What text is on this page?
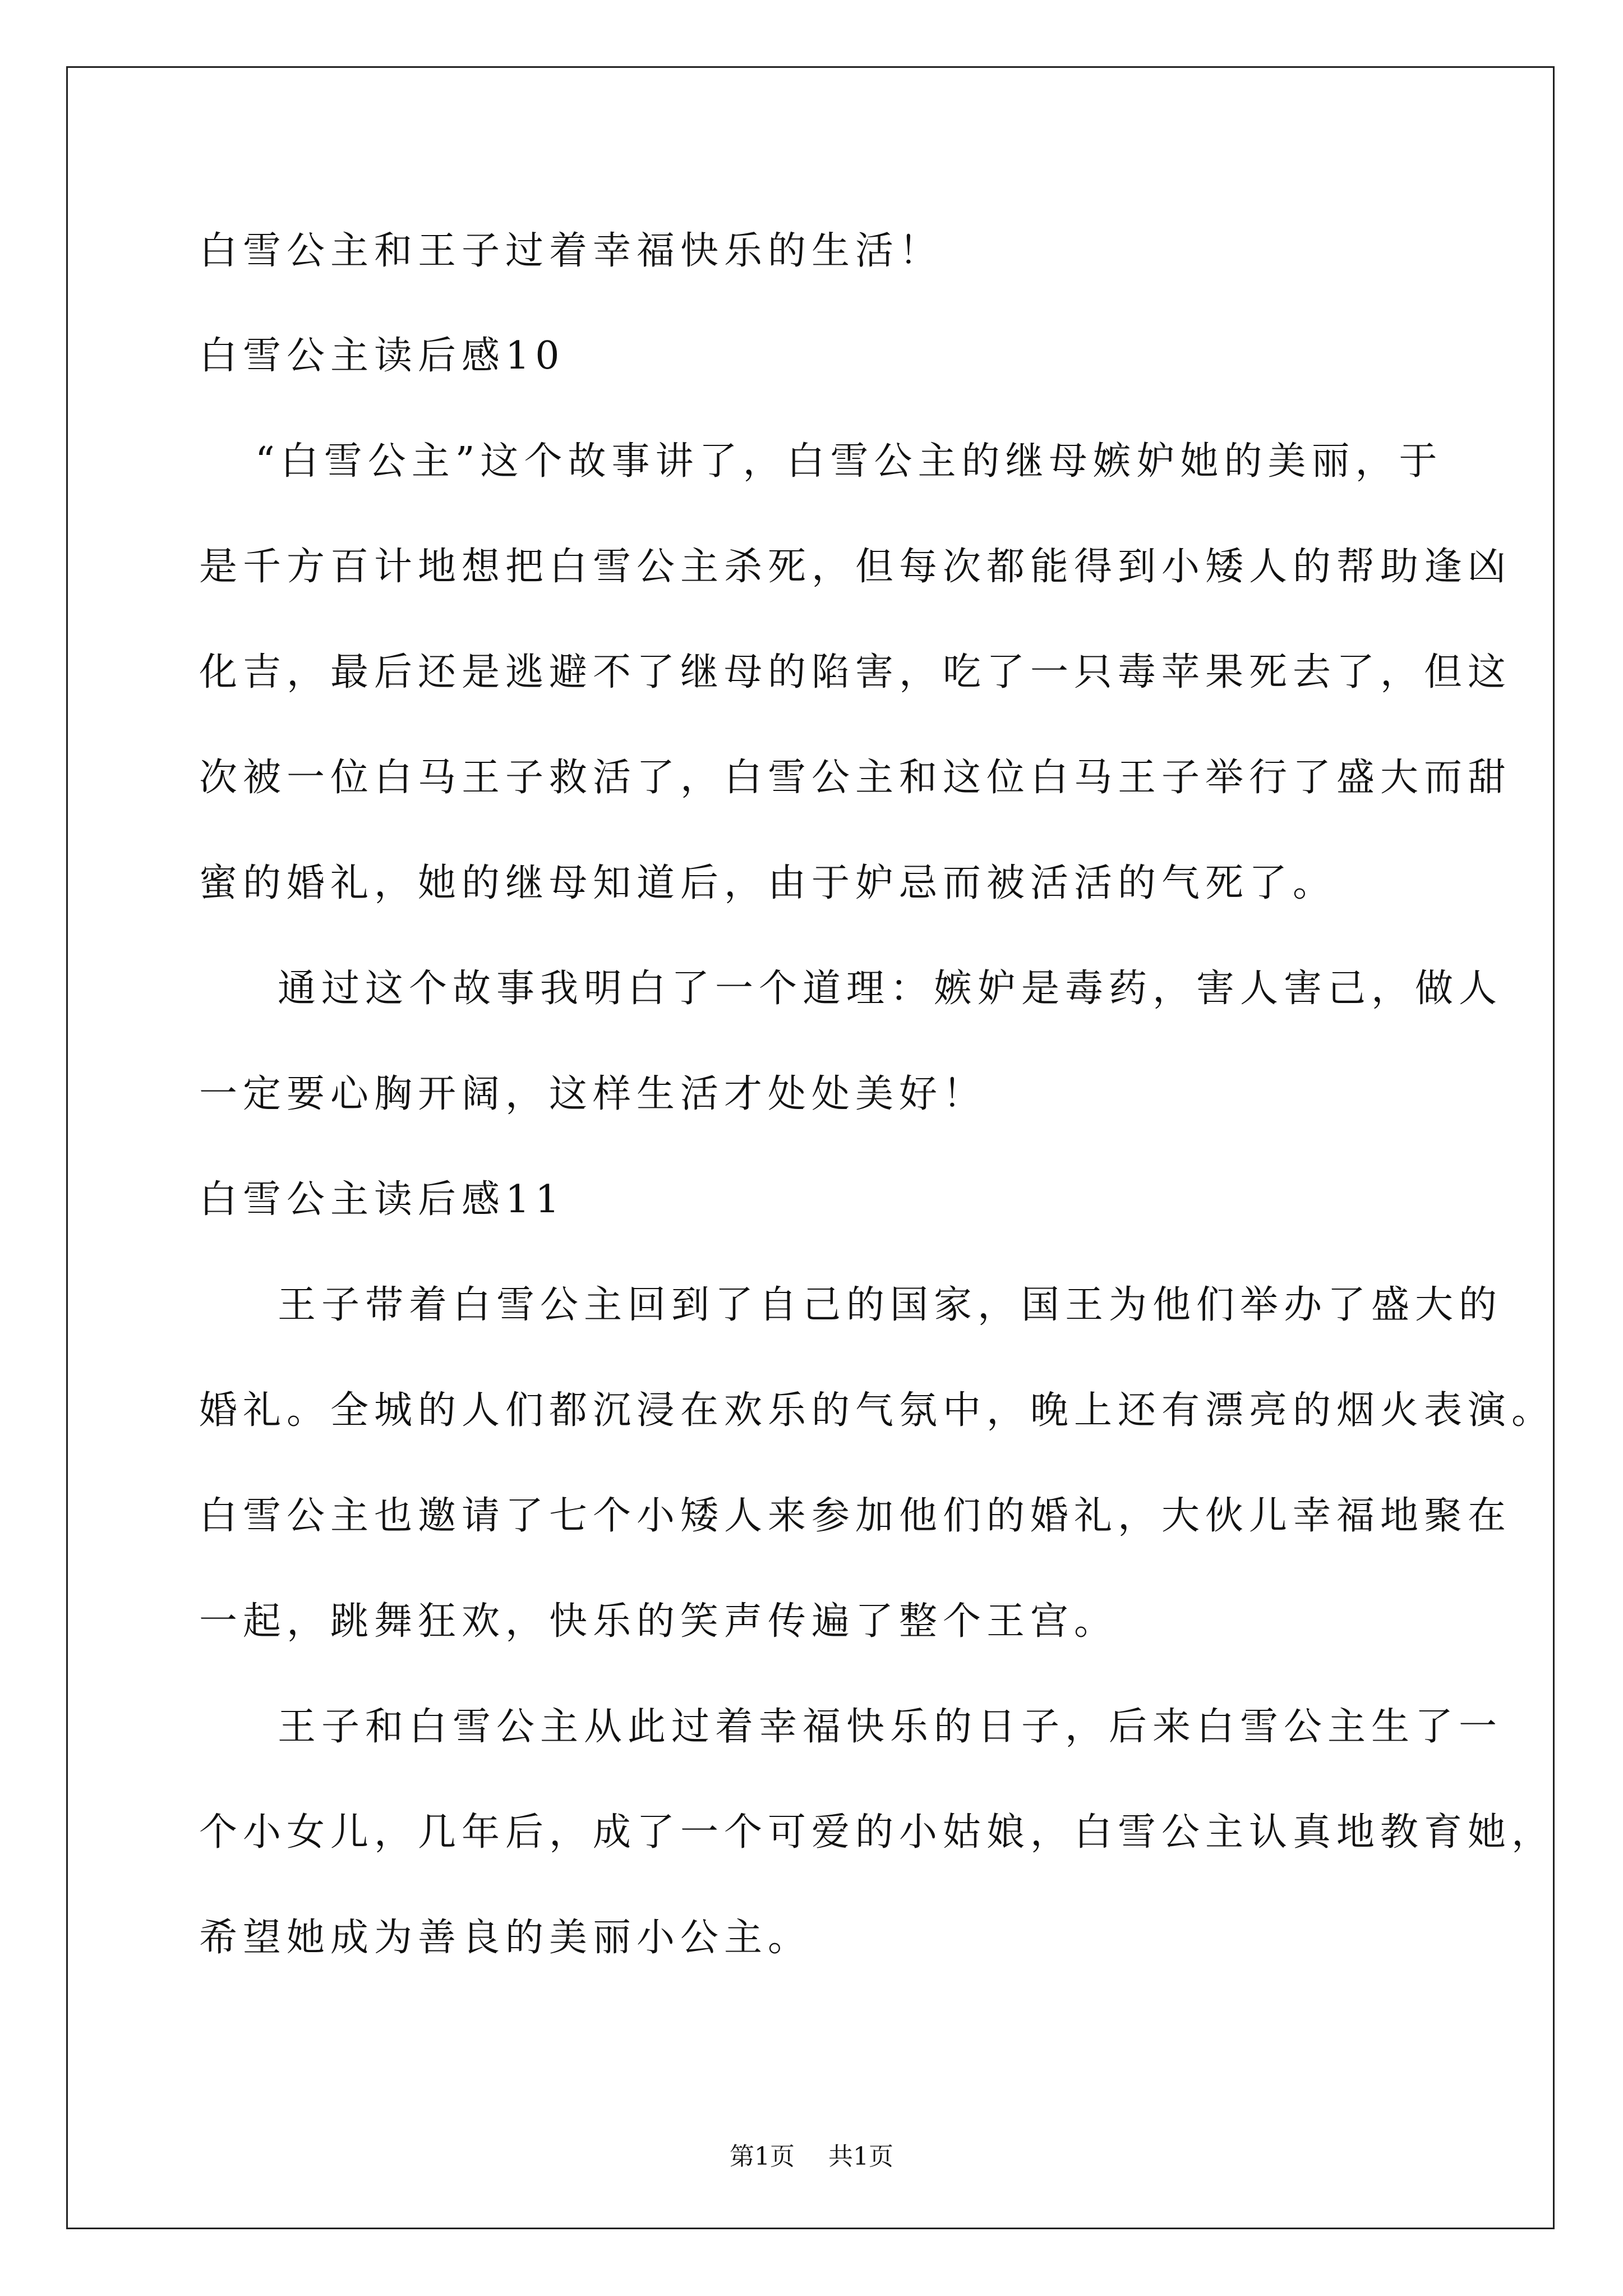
白雪公主和王子过着幸福快乐的生活！
白雪公主读后感10
“白雪公主”这个故事讲了，白雪公主的继母嫉妒她的美丽，于
是千方百计地想把白雪公主杀死，但每次都能得到小矮人的帮助逢凶
化吉，最后还是逃避不了继母的陷害，吃了一只毒苹果死去了，但这
次被一位白马王子救活了，白雪公主和这位白马王子举行了盛大而甜
蜜的婚礼，她的继母知道后，由于妒忌而被活活的气死了。
通过这个故事我明白了一个道理：嫉妒是毒药，害人害己，做人
一定要心胸开阔，这样生活才处处美好！
白雪公主读后感11
王子带着白雪公主回到了自己的国家，国王为他们举办了盛大的
婚礼。全城的人们都沉浸在欢乐的气氛中，晚上还有漂亮的烟火表演。
白雪公主也邀请了七个小矮人来参加他们的婚礼，大伙儿幸福地聚在
一起，跳舞狂欢，快乐的笑声传遍了整个王宫。
王子和白雪公主从此过着幸福快乐的日子，后来白雪公主生了一
个小女儿，几年后，成了一个可爱的小姑娘，白雪公主认真地教育她，
希望她成为善良的美丽小公主。
第1页 共1页
